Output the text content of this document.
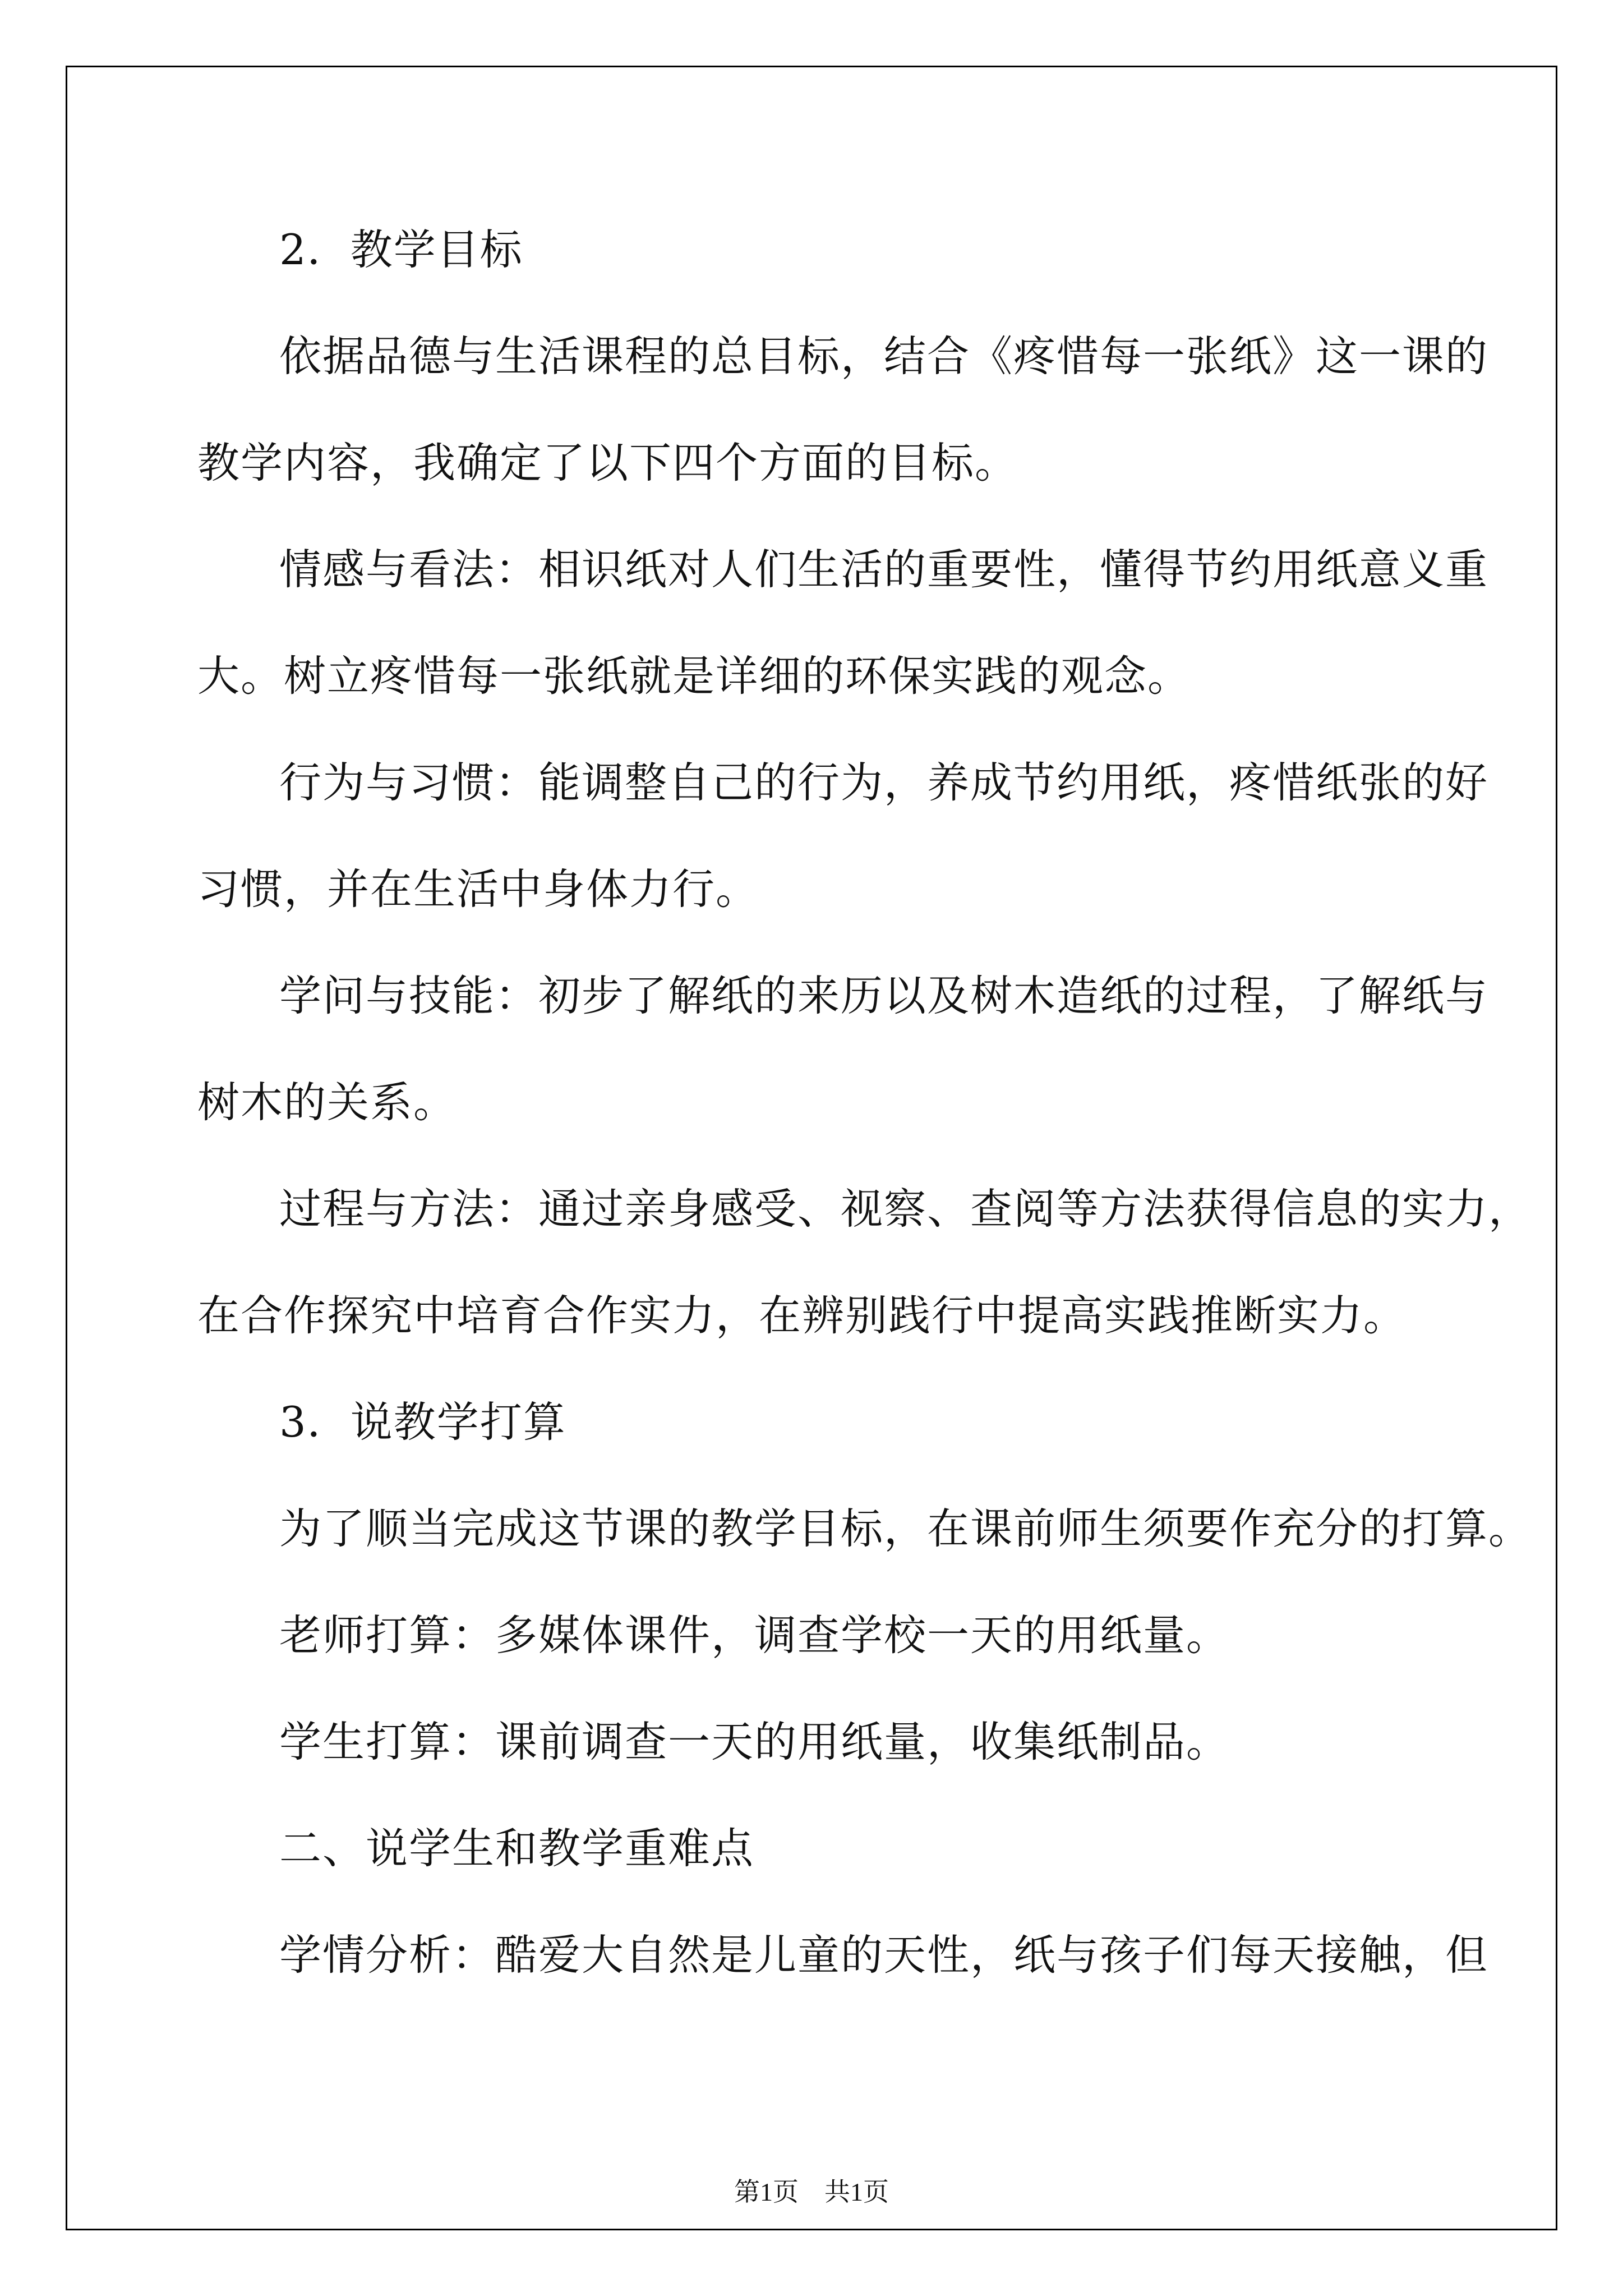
2．教学目标
依据品德与生活课程的总目标，结合《疼惜每一张纸》这一课的
教学内容，我确定了以下四个方面的目标。
情感与看法：相识纸对人们生活的重要性，懂得节约用纸意义重
大。树立疼惜每一张纸就是详细的环保实践的观念。
行为与习惯：能调整自己的行为，养成节约用纸，疼惜纸张的好
习惯，并在生活中身体力行。
学问与技能：初步了解纸的来历以及树木造纸的过程，了解纸与
树木的关系。
过程与方法：通过亲身感受、视察、查阅等方法获得信息的实力，
在合作探究中培育合作实力，在辨别践行中提高实践推断实力。
3．说教学打算
为了顺当完成这节课的教学目标，在课前师生须要作充分的打算。
老师打算：多媒体课件，调查学校一天的用纸量。
学生打算：课前调查一天的用纸量，收集纸制品。
二、说学生和教学重难点
学情分析：酷爱大自然是儿童的天性，纸与孩子们每天接触，但
第1页　共1页
